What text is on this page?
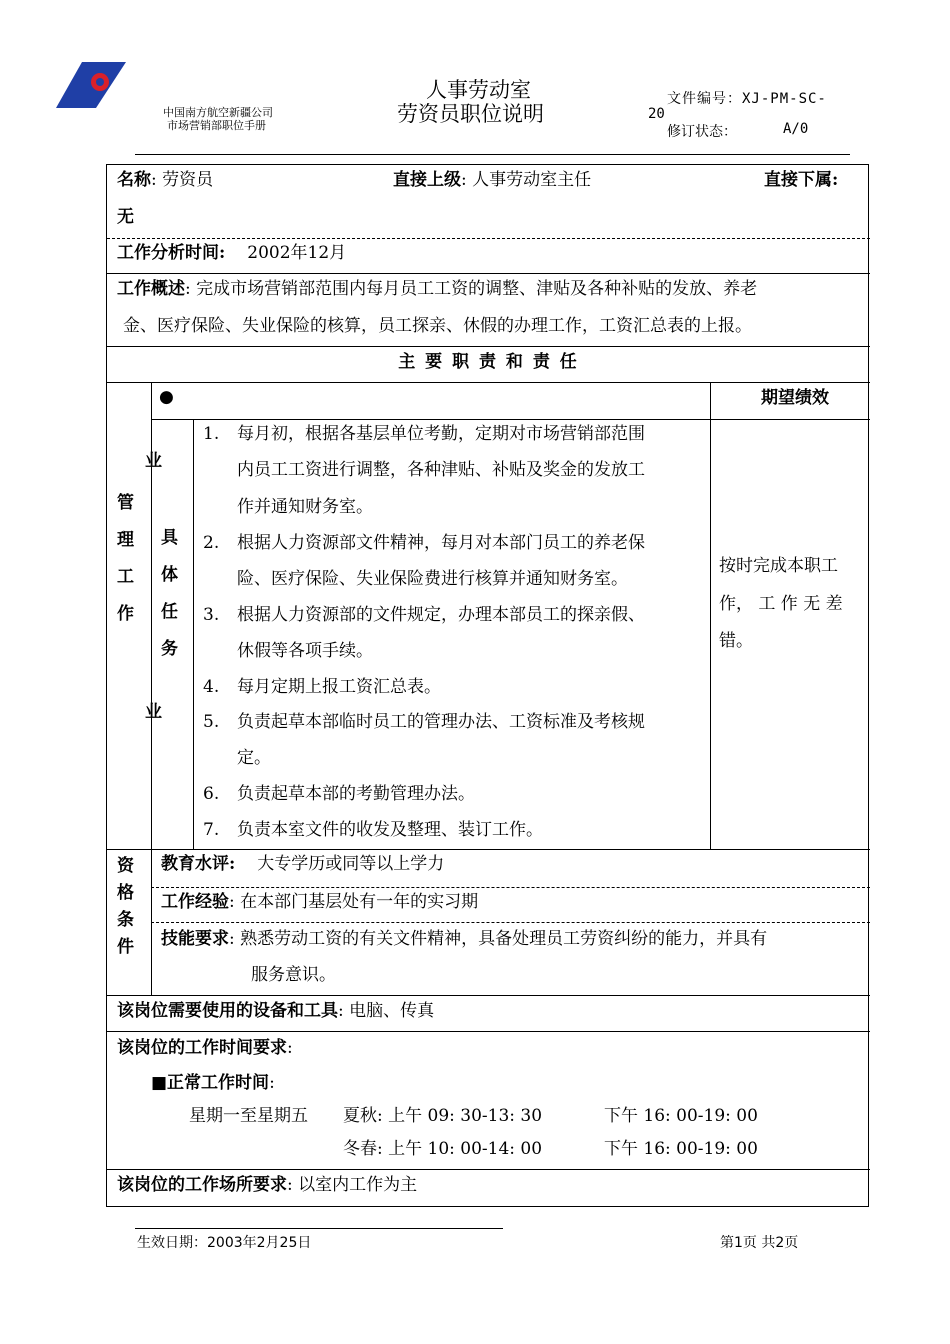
中国南方航空新疆公司
市场营销部职位手册
人事劳动室
劳资员职位说明
文件编号：XJ-PM-SC-
20
修订状态：	A/0
名称: 劳资员	直接上级: 人事劳动室主任	直接下属:
无
工作分析时间: 2002年12月
工作概述: 完成市场营销部范围内每月员工工资的调整、津贴及各种补贴的发放、养老
金、医疗保险、失业保险的核算，员工探亲、休假的办理工作，工资汇总表的上报。
主 要 职 责 和 责 任
●	期望绩效
管
理
工
作
业
业
具
体
任
务
1. 每月初，根据各基层单位考勤，定期对市场营销部范围
内员工工资进行调整，各种津贴、补贴及奖金的发放工
作并通知财务室。
2. 根据人力资源部文件精神，每月对本部门员工的养老保
险、医疗保险、失业保险费进行核算并通知财务室。
3. 根据人力资源部的文件规定，办理本部员工的探亲假、
休假等各项手续。
4. 每月定期上报工资汇总表。
5. 负责起草本部临时员工的管理办法、工资标准及考核规
定。
6. 负责起草本部的考勤管理办法。
7. 负责本室文件的收发及整理、装订工作。
按时完成本职工
作， 工 作 无 差
错。
资
格
条
件
教育水评: 大专学历或同等以上学力
工作经验: 在本部门基层处有一年的实习期
技能要求: 熟悉劳动工资的有关文件精神，具备处理员工劳资纠纷的能力，并具有
服务意识。
该岗位需要使用的设备和工具: 电脑、传真
该岗位的工作时间要求:
■正常工作时间:
星期一至星期五 夏秋: 上午 09: 30-13: 30	下午 16: 00-19: 00
冬春: 上午 10: 00-14: 00	下午 16: 00-19: 00
该岗位的工作场所要求: 以室内工作为主
生效日期：2003年2月25日	第1页 共2页
